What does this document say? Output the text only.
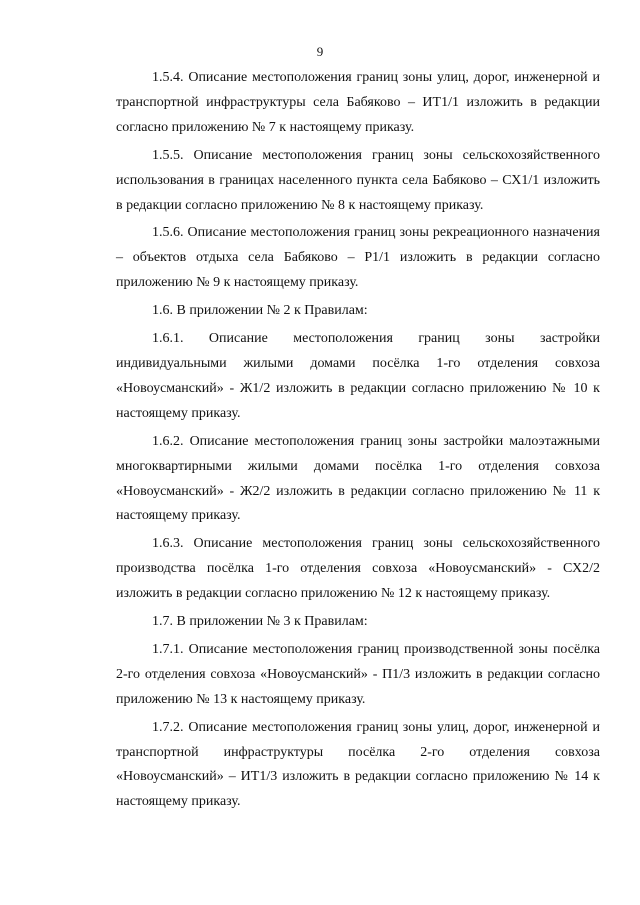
9

1.5.4. Описание местоположения границ зоны улиц, дорог, инженерной и транспортной инфраструктуры села Бабяково – ИТ1/1 изложить в редакции согласно приложению № 7 к настоящему приказу.

1.5.5. Описание местоположения границ зоны сельскохозяйственного использования в границах населенного пункта села Бабяково – СХ1/1 изложить в редакции согласно приложению № 8 к настоящему приказу.

1.5.6. Описание местоположения границ зоны рекреационного назначения – объектов отдыха села Бабяково – Р1/1 изложить в редакции согласно приложению № 9 к настоящему приказу.

1.6. В приложении № 2 к Правилам:

1.6.1. Описание местоположения границ зоны застройки индивидуальными жилыми домами посёлка 1-го отделения совхоза «Новоусманский» - Ж1/2 изложить в редакции согласно приложению № 10 к настоящему приказу.

1.6.2. Описание местоположения границ зоны застройки малоэтажными многоквартирными жилыми домами посёлка 1-го отделения совхоза «Новоусманский» - Ж2/2 изложить в редакции согласно приложению № 11 к настоящему приказу.

1.6.3. Описание местоположения границ зоны сельскохозяйственного производства посёлка 1-го отделения совхоза «Новоусманский» - СХ2/2 изложить в редакции согласно приложению № 12 к настоящему приказу.

1.7. В приложении № 3 к Правилам:

1.7.1. Описание местоположения границ производственной зоны посёлка 2-го отделения совхоза «Новоусманский» - П1/3 изложить в редакции согласно приложению № 13 к настоящему приказу.

1.7.2. Описание местоположения границ зоны улиц, дорог, инженерной и транспортной инфраструктуры посёлка 2-го отделения совхоза «Новоусманский» – ИТ1/3 изложить в редакции согласно приложению № 14 к настоящему приказу.
